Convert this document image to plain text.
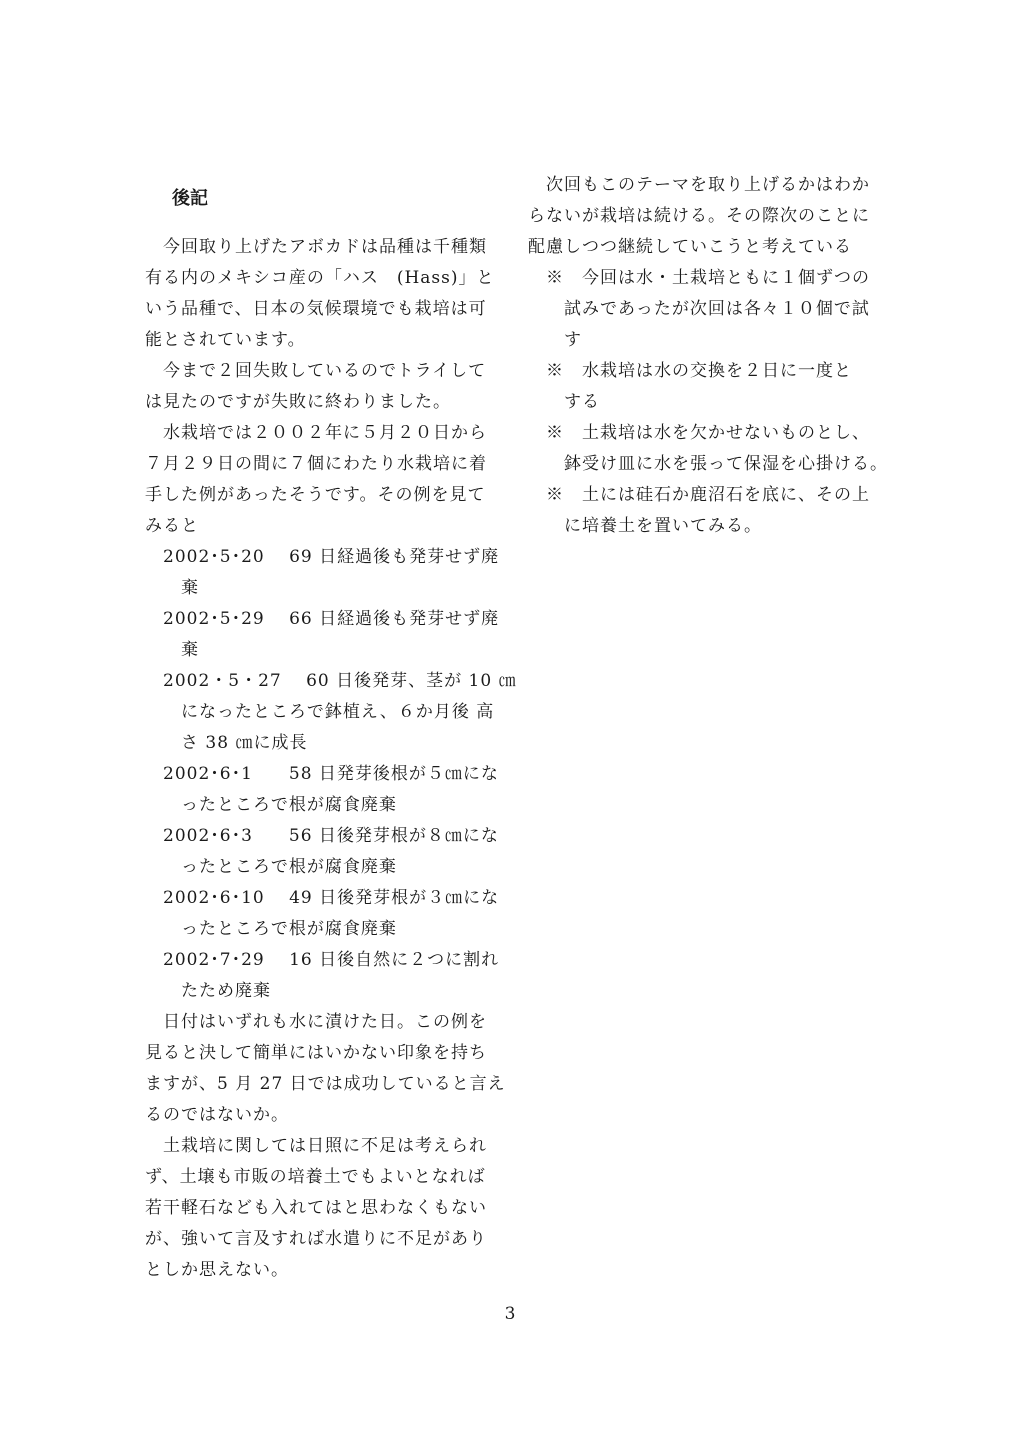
後記
　今回取り上げたアボカドは品種は千種類
有る内のメキシコ産の「ハス　(Hass)」と
いう品種で、日本の気候環境でも栽培は可
能とされています。
　今まで２回失敗しているのでトライして
は見たのですが失敗に終わりました。
　水栽培では２００２年に５月２０日から
７月２９日の間に７個にわたり水栽培に着
手した例があったそうです。その例を見て
みると
　2002･5･20　 69 日経過後も発芽せず廃
　　棄
　2002･5･29　 66 日経過後も発芽せず廃
　　棄
　2002・5・27　 60 日後発芽、茎が 10 ㎝
　　になったところで鉢植え、６か月後 高
　　さ 38 ㎝に成長
　2002･6･1　　58 日発芽後根が５㎝にな
　　ったところで根が腐食廃棄
　2002･6･3　　56 日後発芽根が８㎝にな
　　ったところで根が腐食廃棄
　2002･6･10　 49 日後発芽根が３㎝にな
　　ったところで根が腐食廃棄
　2002･7･29　 16 日後自然に２つに割れ
　　たため廃棄
　日付はいずれも水に漬けた日。この例を
見ると決して簡単にはいかない印象を持ち
ますが、5 月 27 日では成功していると言え
るのではないか。
　土栽培に関しては日照に不足は考えられ
ず、土壌も市販の培養土でもよいとなれば
若干軽石なども入れてはと思わなくもない
が、強いて言及すれば水遣りに不足があり
としか思えない。
　次回もこのテーマを取り上げるかはわか
らないが栽培は続ける。その際次のことに
配慮しつつ継続していこうと考えている
　※　今回は水・土栽培ともに１個ずつの
　　試みであったが次回は各々１０個で試
　　す
　※　水栽培は水の交換を２日に一度と
　　する
　※　土栽培は水を欠かせないものとし、
　　鉢受け皿に水を張って保湿を心掛ける。
　※　土には硅石か鹿沼石を底に、その上
　　に培養土を置いてみる。
3
